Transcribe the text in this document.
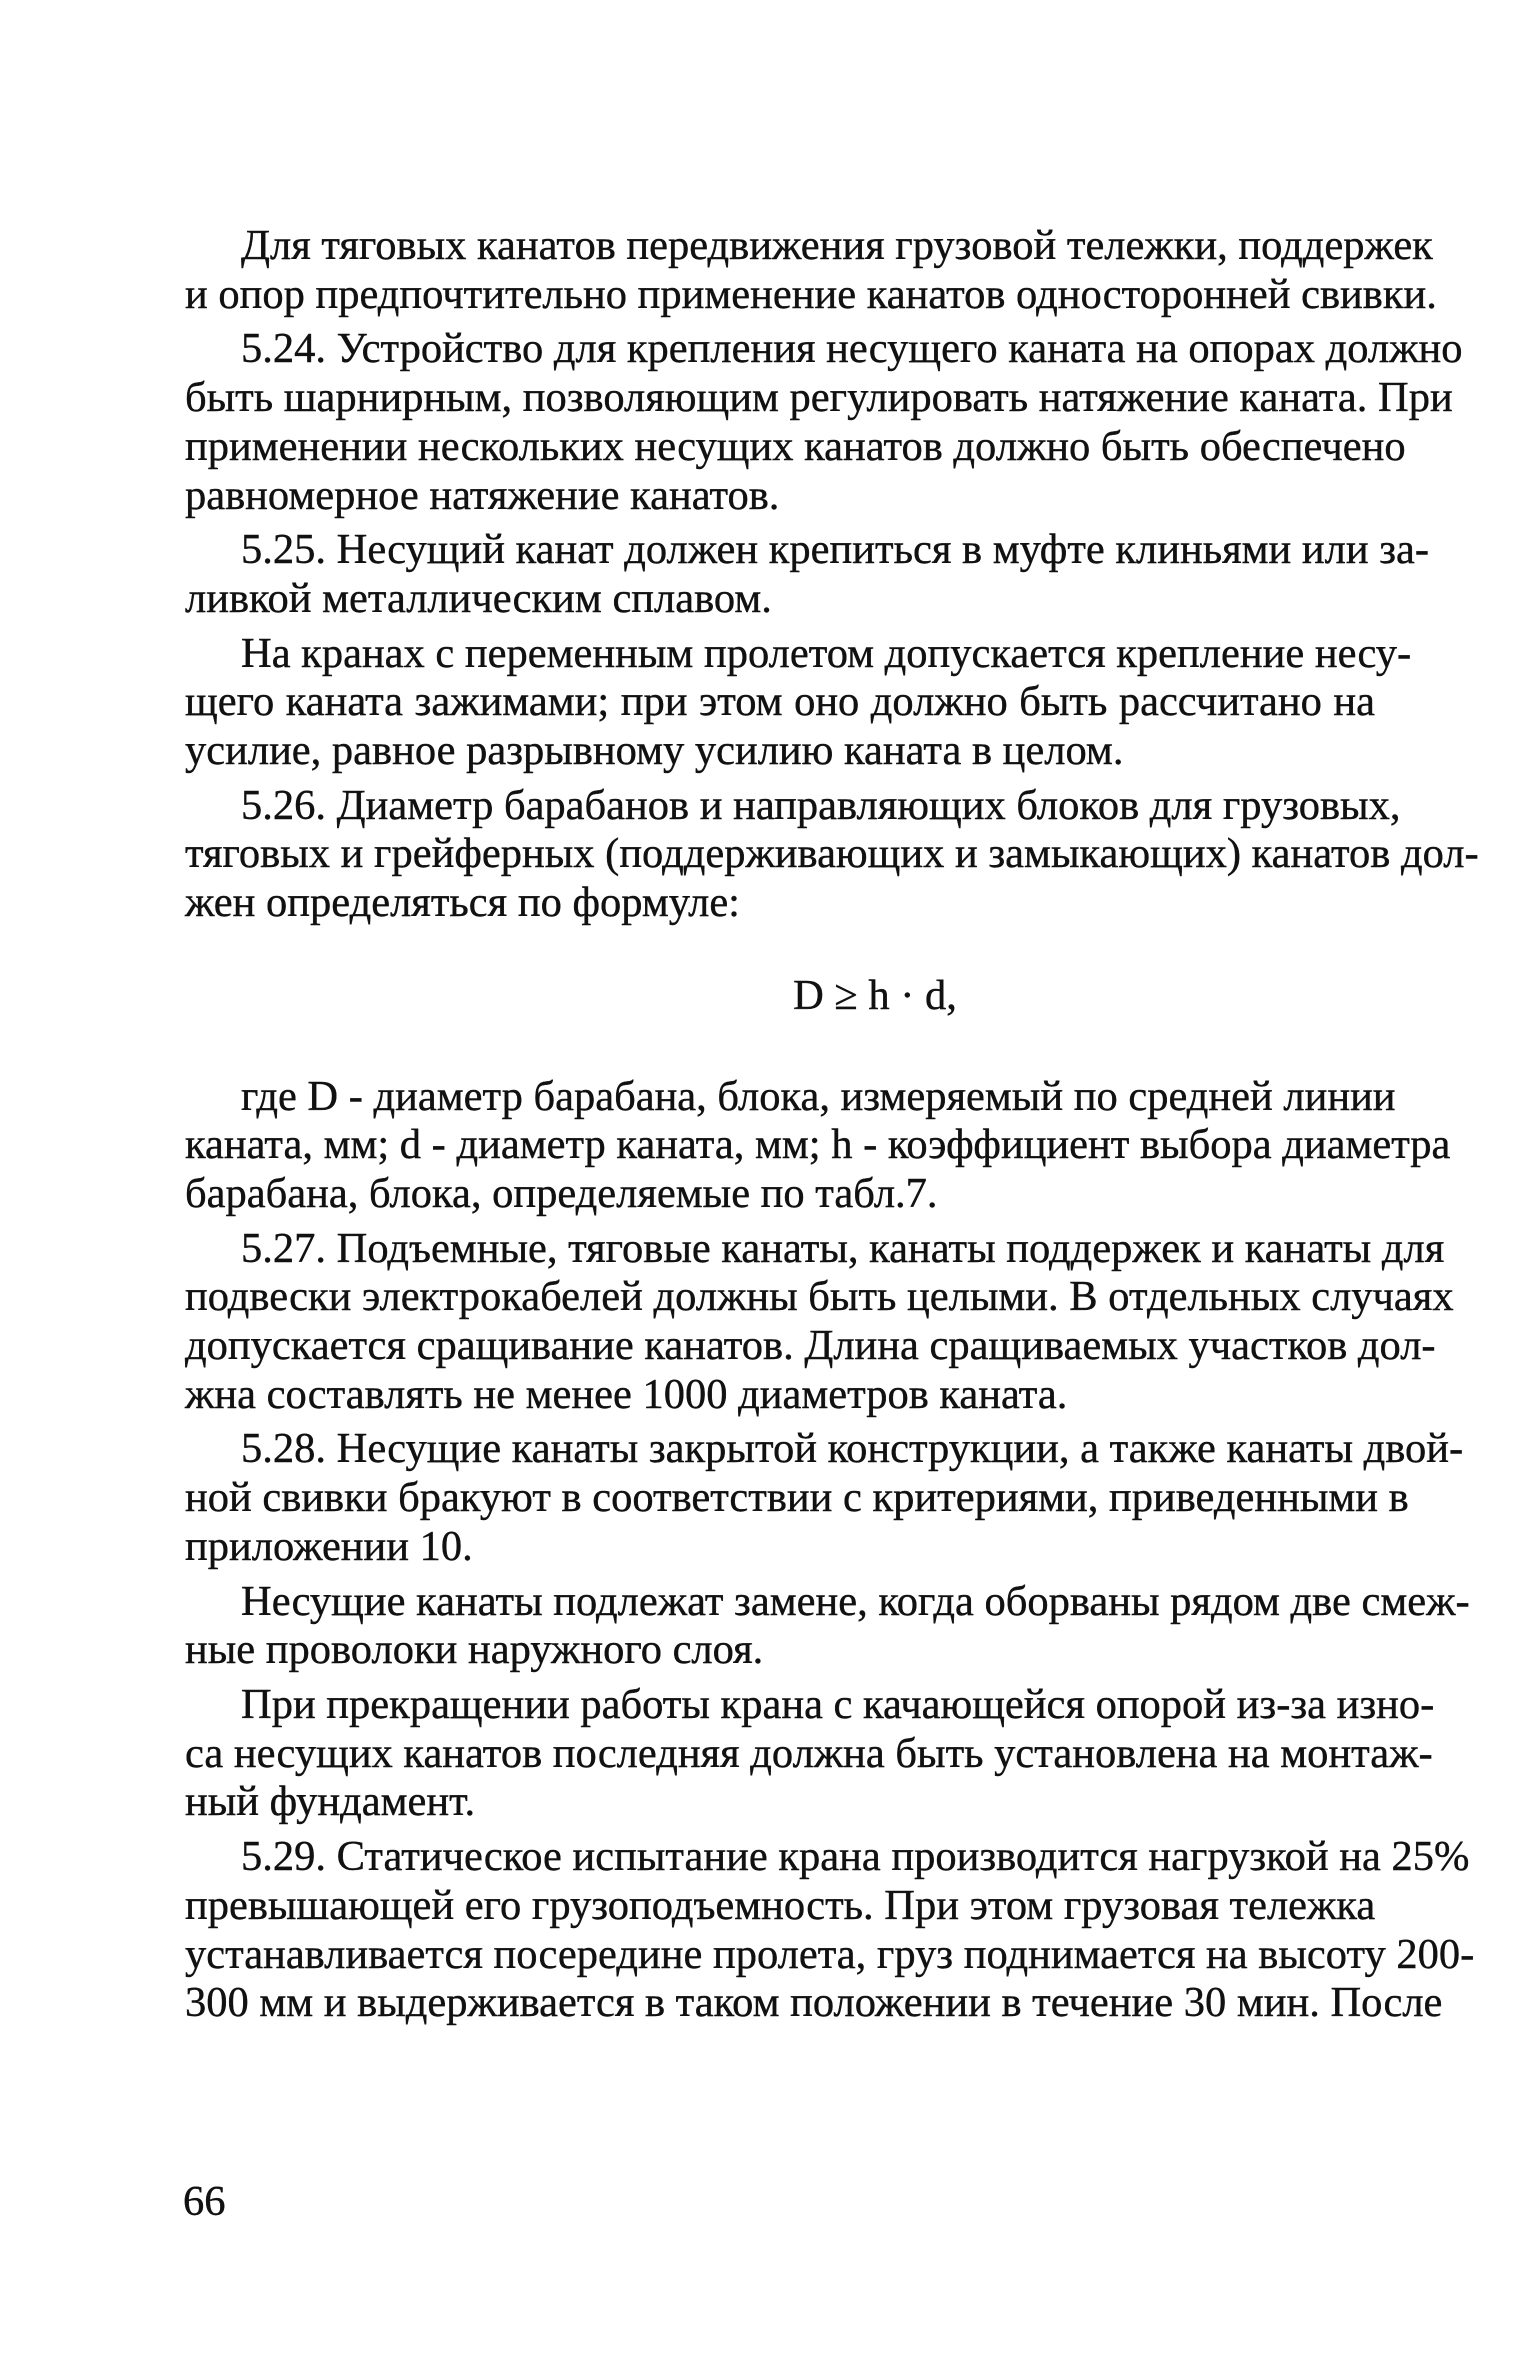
Для тяговых канатов передвижения грузовой тележки, поддержек
и опор предпочтительно применение канатов односторонней свивки.
5.24. Устройство для крепления несущего каната на опорах должно
быть шарнирным, позволяющим регулировать натяжение каната. При
применении нескольких несущих канатов должно быть обеспечено
равномерное натяжение канатов.
5.25. Несущий канат должен крепиться в муфте клиньями или за-
ливкой металлическим сплавом.
На кранах с переменным пролетом допускается крепление несу-
щего каната зажимами; при этом оно должно быть рассчитано на
усилие, равное разрывному усилию каната в целом.
5.26. Диаметр барабанов и направляющих блоков для грузовых,
тяговых и грейферных (поддерживающих и замыкающих) канатов дол-
жен определяться по формуле:
D ≥ h · d,
где D - диаметр барабана, блока, измеряемый по средней линии
каната, мм; d - диаметр каната, мм; h - коэффициент выбора диаметра
барабана, блока, определяемые по табл.7.
5.27. Подъемные, тяговые канаты, канаты поддержек и канаты для
подвески электрокабелей должны быть целыми. В отдельных случаях
допускается сращивание канатов. Длина сращиваемых участков дол-
жна составлять не менее 1000 диаметров каната.
5.28. Несущие канаты закрытой конструкции, а также канаты двой-
ной свивки бракуют в соответствии с критериями, приведенными в
приложении 10.
Несущие канаты подлежат замене, когда оборваны рядом две смеж-
ные проволоки наружного слоя.
При прекращении работы крана с качающейся опорой из-за изно-
са несущих канатов последняя должна быть установлена на монтаж-
ный фундамент.
5.29. Статическое испытание крана производится нагрузкой на 25%
превышающей его грузоподъемность. При этом грузовая тележка
устанавливается посередине пролета, груз поднимается на высоту 200-
300 мм и выдерживается в таком положении в течение 30 мин. После
66
